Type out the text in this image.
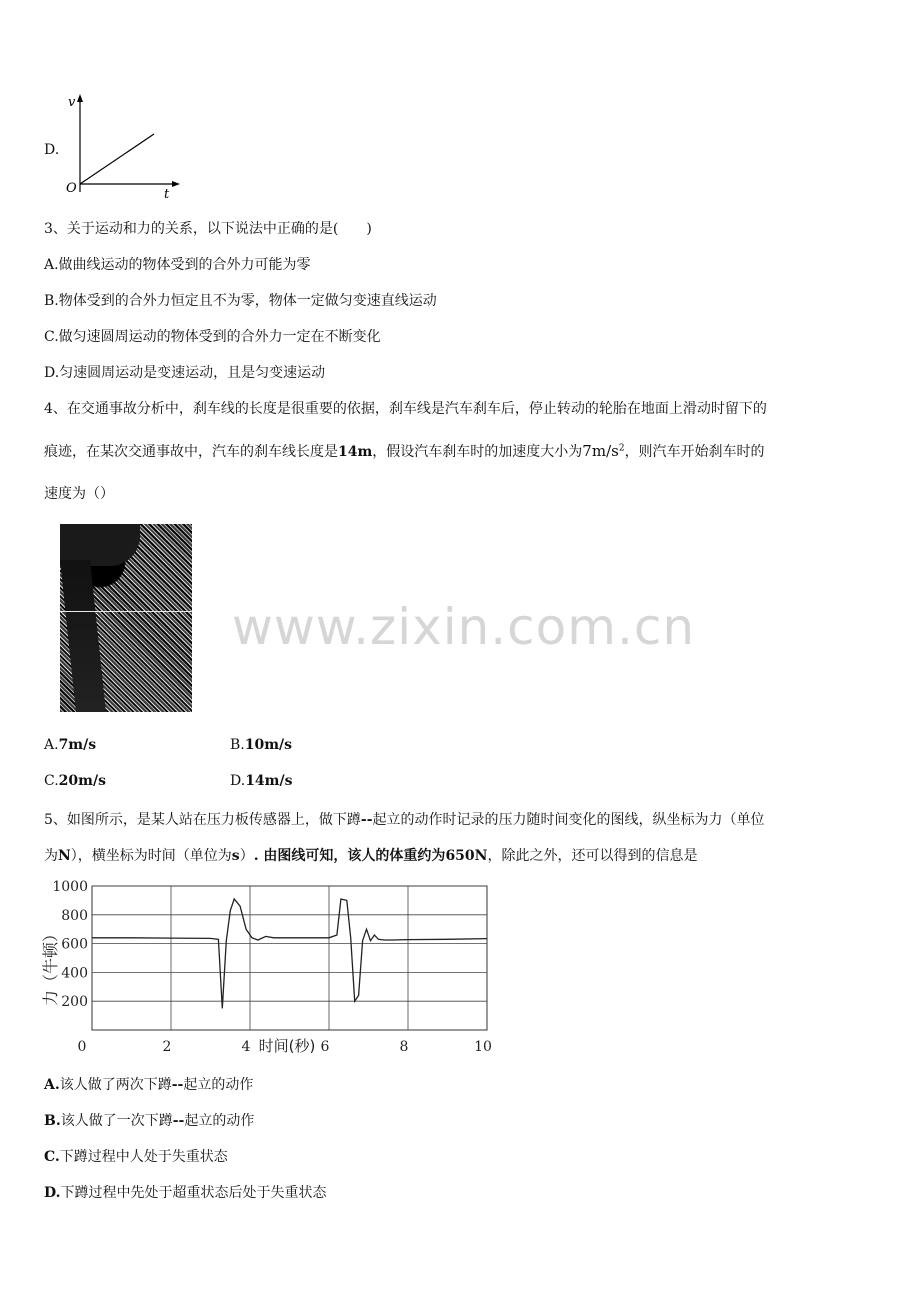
D.
v
t
O
3、关于运动和力的关系，以下说法中正确的是(　　)
A.做曲线运动的物体受到的合外力可能为零
B.物体受到的合外力恒定且不为零，物体一定做匀变速直线运动
C.做匀速圆周运动的物体受到的合外力一定在不断变化
D.匀速圆周运动是变速运动，且是匀变速运动
4、在交通事故分析中，刹车线的长度是很重要的依据，刹车线是汽车刹车后，停止转动的轮胎在地面上滑动时留下的
痕迹，在某次交通事故中，汽车的刹车线长度是14m，假设汽车刹车时的加速度大小为$7m/s^2$，则汽车开始刹车时的
速度为（）
www.zixin.com.cn
A.7m/s	B.10m/s
C.20m/s	D.14m/s
5、如图所示，是某人站在压力板传感器上，做下蹲--起立的动作时记录的压力随时间变化的图线，纵坐标为力（单位
为N），横坐标为时间（单位为s）. 由图线可知，该人的体重约为650N，除此之外，还可以得到的信息是
200
400
600
800
1000
0	2	4	6	8	10
力（牛顿）
时间(秒)
A.该人做了两次下蹲--起立的动作
B.该人做了一次下蹲--起立的动作
C.下蹲过程中人处于失重状态
D.下蹲过程中先处于超重状态后处于失重状态
